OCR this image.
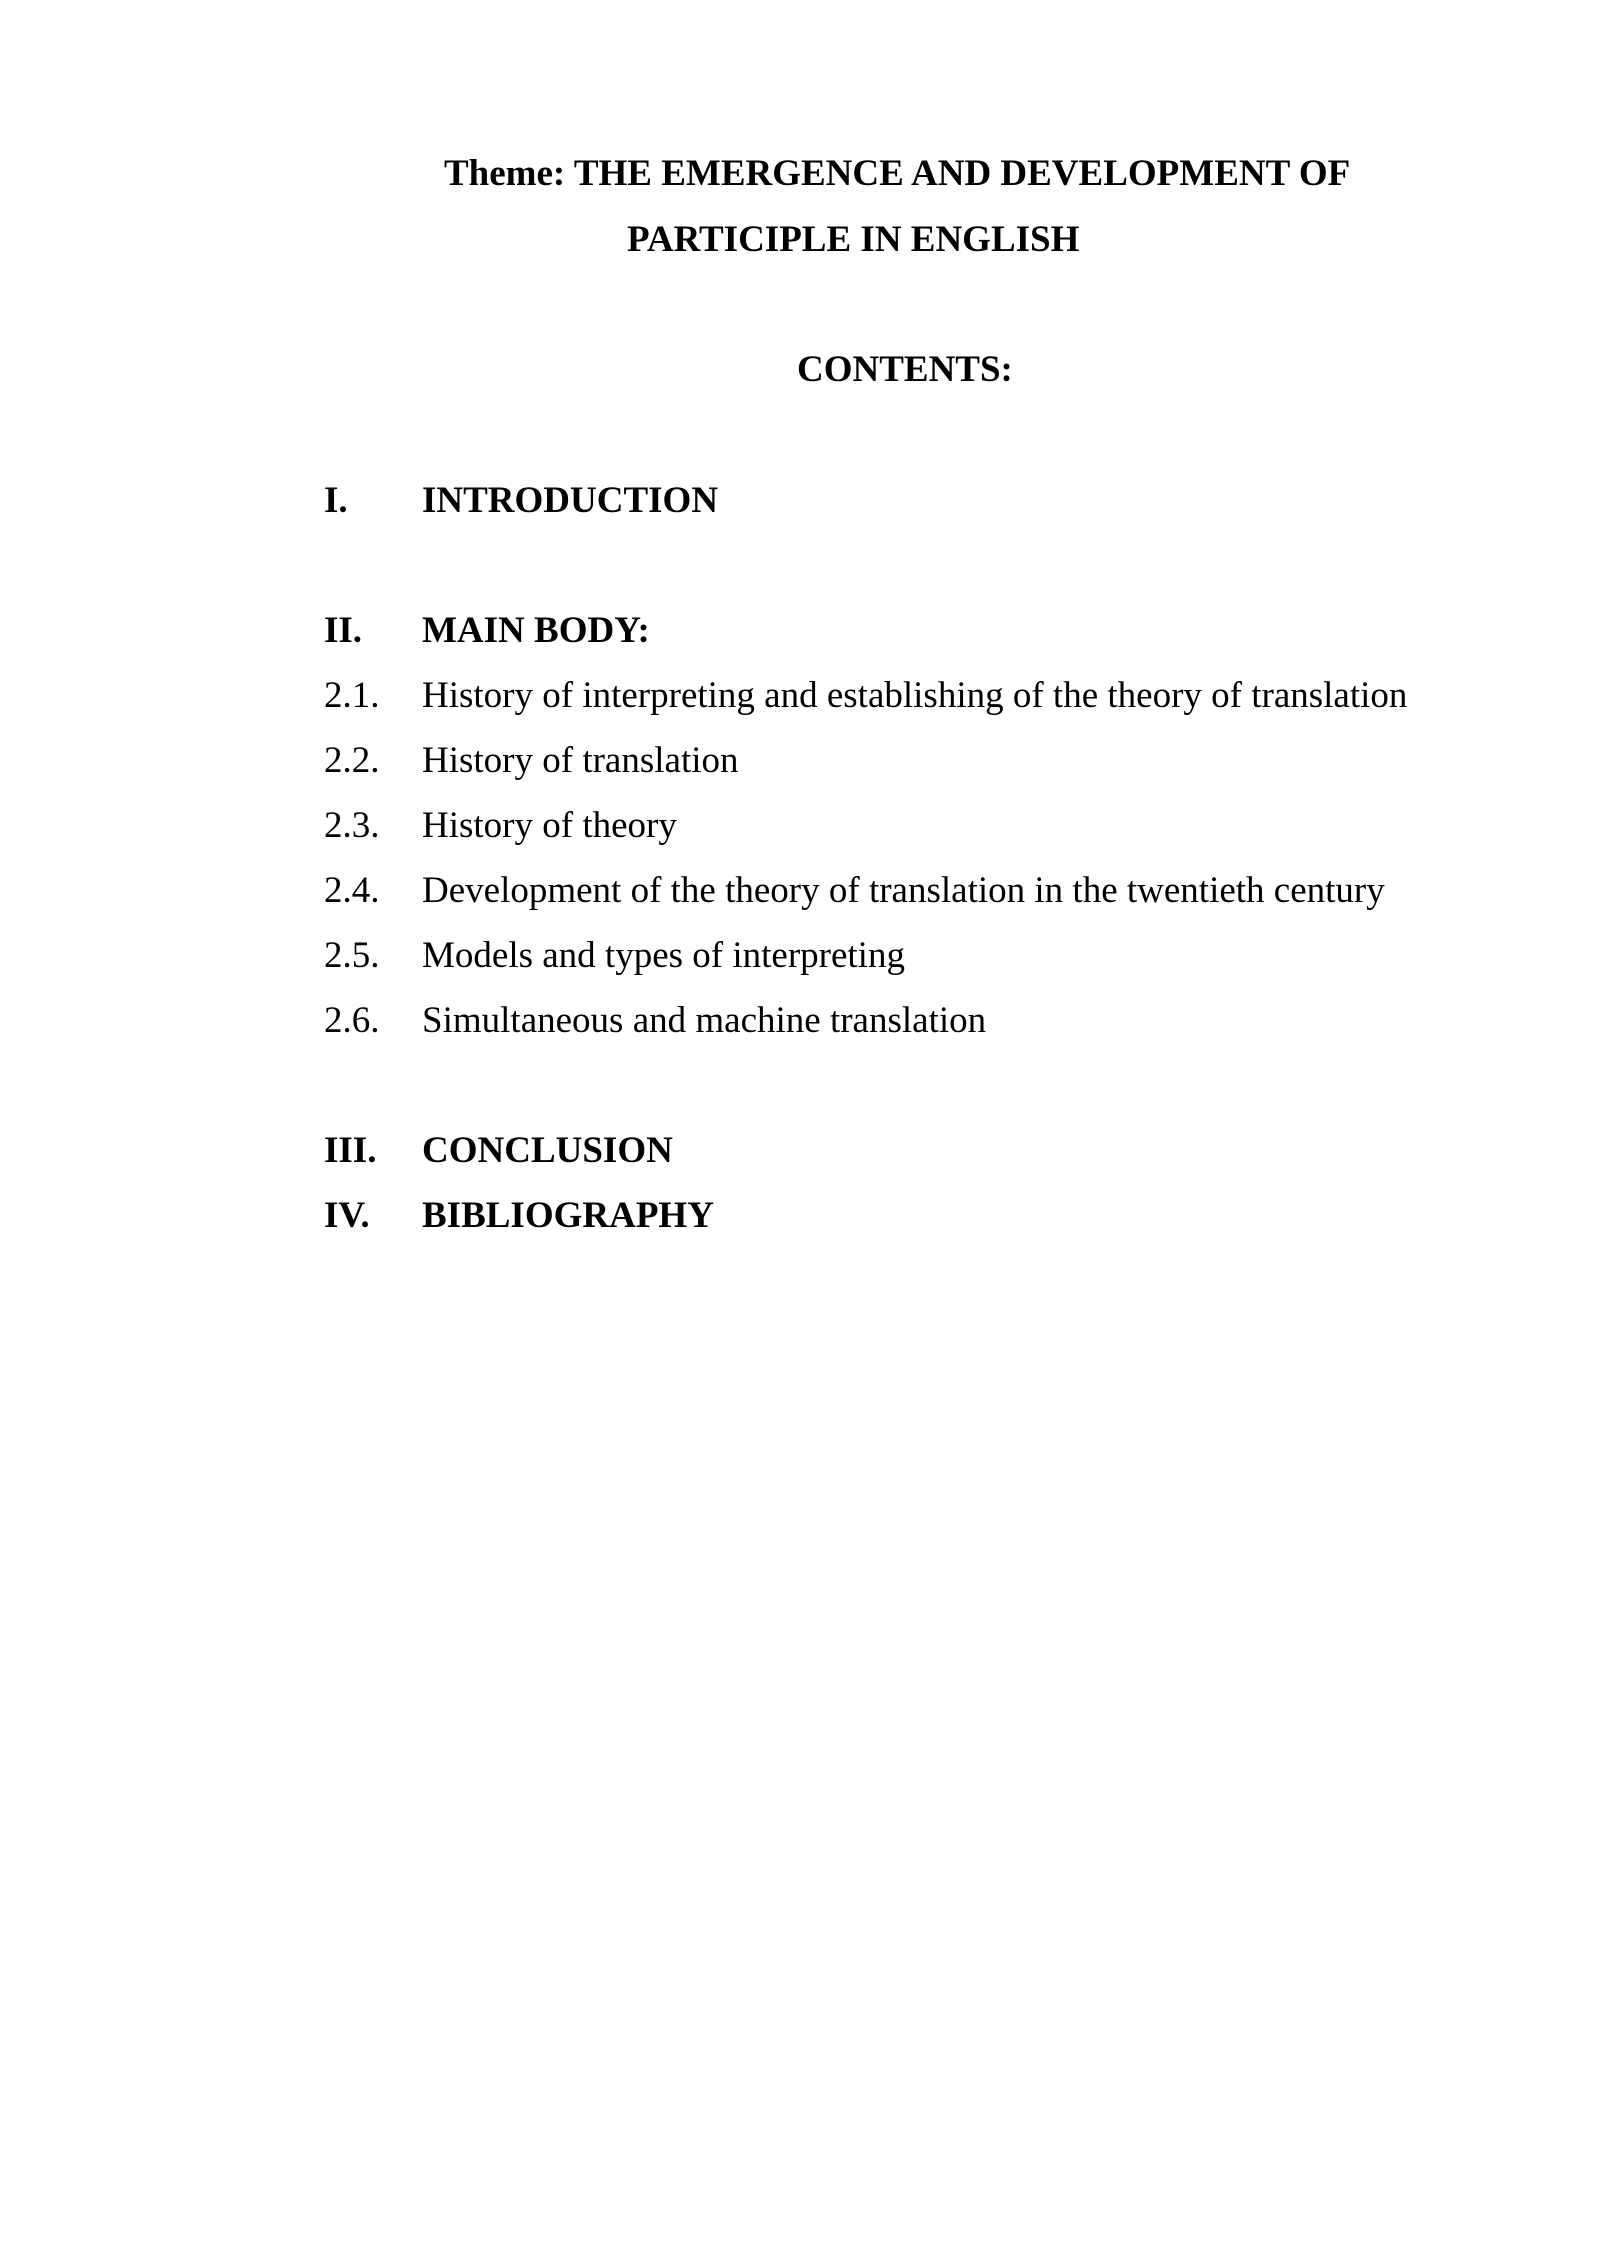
Theme: THE EMERGENCE AND DEVELOPMENT OF
PARTICIPLE IN ENGLISH
CONTENTS:
I. INTRODUCTION
II. MAIN BODY:
2.1. History of interpreting and establishing of the theory of translation
2.2. History of translation
2.3. History of theory
2.4. Development of the theory of translation in the twentieth century
2.5. Models and types of interpreting
2.6. Simultaneous and machine translation
III. CONCLUSION
IV. BIBLIOGRAPHY
